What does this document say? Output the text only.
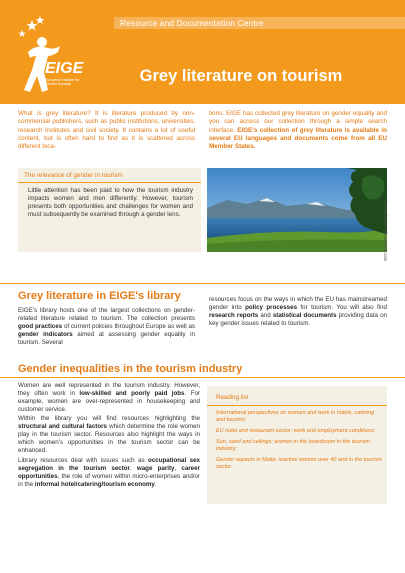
Resource and Documentation Centre
EIGE
European Institute for Gender Equality	Grey literature on tourism
What is grey literature? It is literature produced by non-commercial publishers, such as public institutions, universities, research institutes and civil society. It contains a lot of useful content, but is often hard to find as it is scattered across different loca-
tions. EIGE has collected grey literature on gender equality and you can access our collection through a simple search interface. EIGE's collection of grey literature is available in several EU languages and documents come from all EU Member States.
The relevance of gender in tourism
Little attention has been paid to how the tourism industry impacts women and men differently. However, tourism presents both opportunities and challenges for women and must subsequently be examined through a gender lens.	© M.Bellavitis / Shutterstock.com
Grey literature in EIGE's library
EIGE's library hosts one of the largest collections on gender-related literature related to tourism. The collection presents good practices of current policies throughout Europe as well as gender indicators aimed at assessing gender equality in tourism. Several
resources focus on the ways in which the EU has mainstreamed gender into policy processes for tourism. You will also find research reports and statistical documents providing data on key gender issues related to tourism.
Gender inequalities in the tourism industry
Women are well represented in the tourism industry. However, they often work in low-skilled and poorly paid jobs. For example, women are over-represented in housekeeping and customer service.
Within the library you will find resources highlighting the structural and cultural factors which determine the role women play in the tourism sector. Resources also highlight the ways in which women's opportunities in the tourism sector can be enhanced.
Library resources deal with issues such as occupational sex segregation in the tourism sector, wage parity, career opportunities, the role of women within micro-enterprises and/or in the informal hotel/catering/tourism economy.
Reading list
International perspectives on women and work in hotels, catering and tourism;
EU hotel and restaurant sector: work and employment conditions;
Sun, sand and ceilings: women in the boardroom in the tourism industry;
Gender aspects in Malta: inactive women over 40 and in the tourism sector.
